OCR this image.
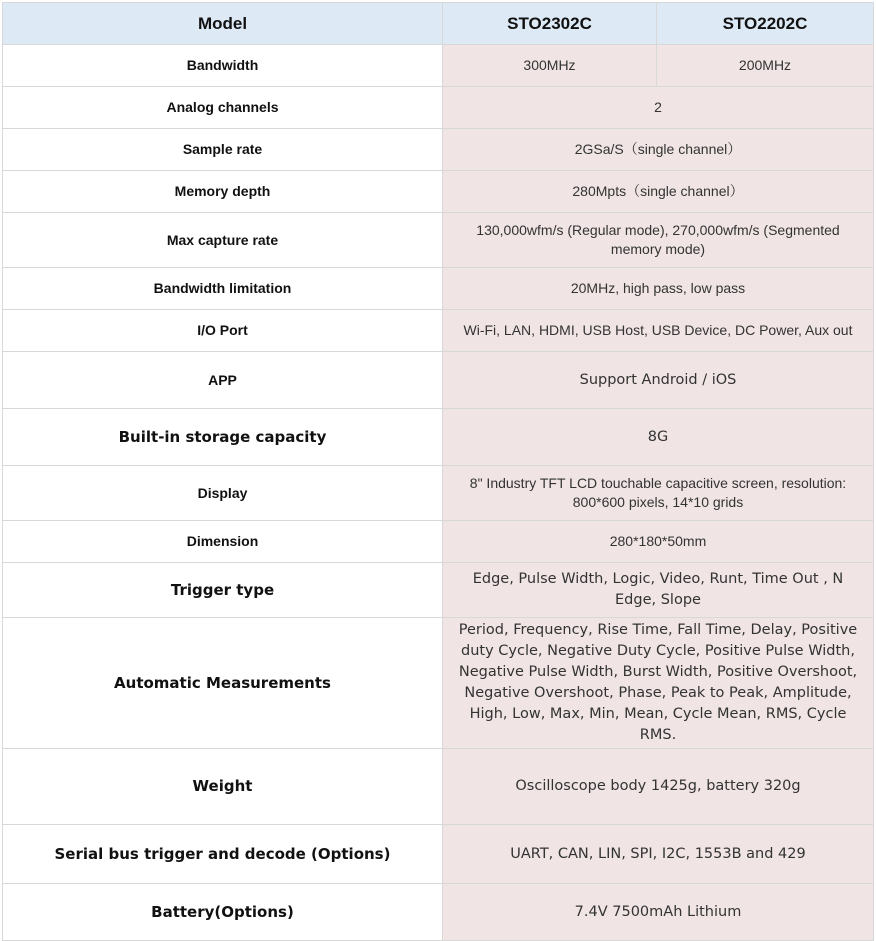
Model	STO2302C	STO2202C
Bandwidth	300MHz	200MHz
Analog channels	2	
Sample rate	2GSa/S（single channel）	
Memory depth	280Mpts（single channel）	
Max capture rate	130,000wfm/s (Regular mode), 270,000wfm/s (Segmented memory mode)	
Bandwidth limitation	20MHz, high pass, low pass	
I/O Port	Wi-Fi, LAN, HDMI, USB Host, USB Device, DC Power, Aux out	
APP	Support Android / iOS	
Built-in storage capacity	8G	
Display	8" Industry TFT LCD touchable capacitive screen, resolution: 800*600 pixels, 14*10 grids	
Dimension	280*180*50mm	
Trigger type	Edge, Pulse Width, Logic, Video, Runt, Time Out , N Edge, Slope	
Automatic Measurements	Period, Frequency, Rise Time, Fall Time, Delay, Positive duty Cycle, Negative Duty Cycle, Positive Pulse Width, Negative Pulse Width, Burst Width, Positive Overshoot, Negative Overshoot, Phase, Peak to Peak, Amplitude, High, Low, Max, Min, Mean, Cycle Mean, RMS, Cycle RMS.	
Weight	Oscilloscope body 1425g, battery 320g	
Serial bus trigger and decode (Options)	UART, CAN, LIN, SPI, I2C, 1553B and 429	
Battery(Options)	7.4V 7500mAh Lithium	
